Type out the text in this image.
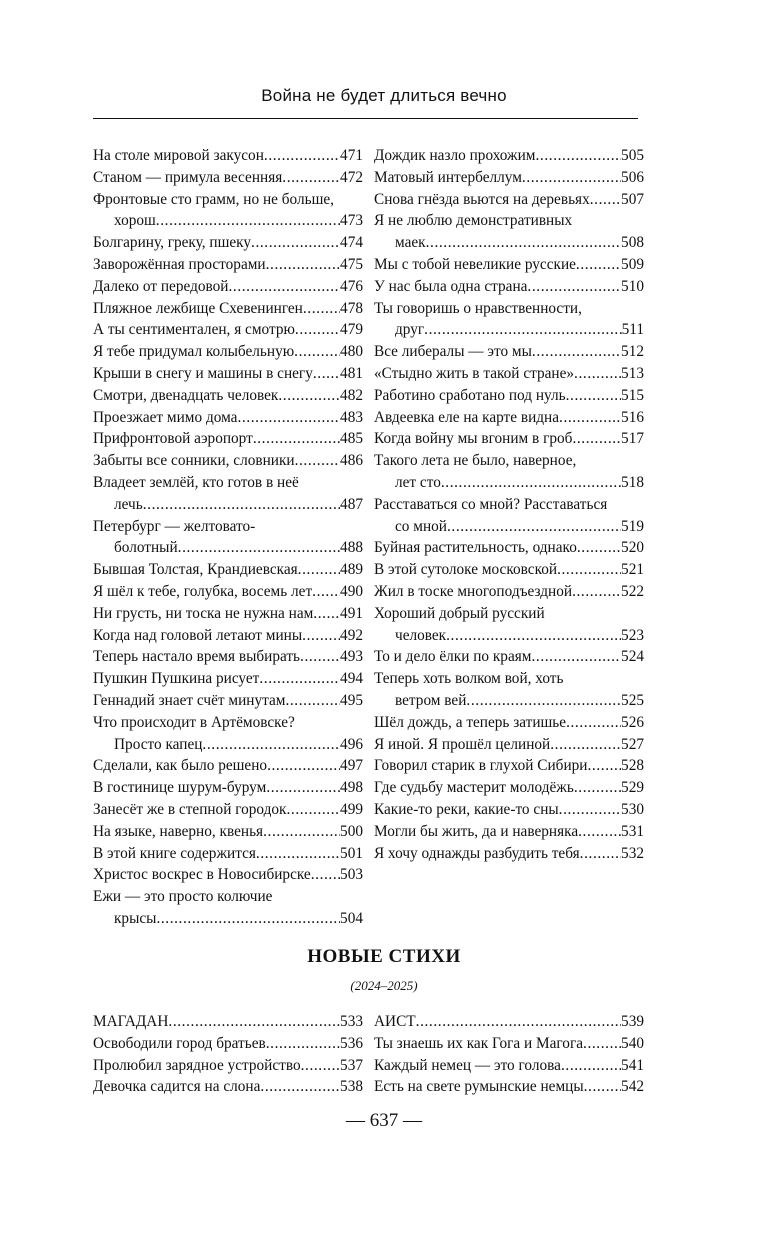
Война не будет длиться вечно
На столе мировой закусон .....	471
Станом — примула весенняя .....	472
Фронтовые сто грамм, но не больше,
хорош .....	473
Болгарину, греку, пшеку .....	474
Заворожённая просторами .....	475
Далеко от передовой .....	476
Пляжное лежбище Схевенинген ..... 478
А ты сентиментален, я смотрю .....	479
Я тебе придумал колыбельную .....	480
Крыши в снегу и машины в снегу ..... 481
Смотри, двенадцать человек .....	482
Проезжает мимо дома .....	483
Прифронтовой аэропорт .....	485
Забыты все сонники, словники .....	486
Владеет землёй, кто готов в неё
лечь .....	487
Петербург — желтовато-
болотный .....	488
Бывшая Толстая, Крандиевская .....	489
Я шёл к тебе, голубка, восемь лет ..... 490
Ни грусть, ни тоска не нужна нам ..... 491
Когда над головой летают мины ..... 492
Теперь настало время выбирать .....	493
Пушкин Пушкина рисует .....	494
Геннадий знает счёт минутам .....	495
Что происходит в Артёмовске?
Просто капец .....	496
Сделали, как было решено .....	497
В гостинице шурум-бурум .....	498
Занесёт же в степной городок .....	499
На языке, наверно, квенья .....	500
В этой книге содержится .....	501
Христос воскрес в Новосибирске ..... 503
Ежи — это просто колючие
крысы .....	504
Дождик назло прохожим .....	505
Матовый интербеллум .....	506
Снова гнёзда вьются на деревьях ..... 507
Я не люблю демонстративных
маек .....	508
Мы с тобой невеликие русские .....	509
У нас была одна страна .....	510
Ты говоришь о нравственности,
друг .....	511
Все либералы — это мы .....	512
«Стыдно жить в такой стране» .....	513
Работино сработано под нуль .....	515
Авдеевка еле на карте видна .....	516
Когда войну мы вгоним в гроб .....	517
Такого лета не было, наверное,
лет сто .....	518
Расставаться со мной? Расставаться
со мной .....	519
Буйная растительность, однако .....	520
В этой сутолоке московской .....	521
Жил в тоске многоподъездной .....	522
Хороший добрый русский
человек .....	523
То и дело ёлки по краям .....	524
Теперь хоть волком вой, хоть
ветром вей .....	525
Шёл дождь, а теперь затишье .....	526
Я иной. Я прошёл целиной .....	527
Говорил старик в глухой Сибири ..... 528
Где судьбу мастерит молодёжь .....	529
Какие-то реки, какие-то сны .....	530
Могли бы жить, да и наверняка .....	531
Я хочу однажды разбудить тебя .....	532
НОВЫЕ СТИХИ
(2024–2025)
МАГАДАН .....	533
Освободили город братьев .....	536
Пролюбил зарядное устройство .....	537
Девочка садится на слона .....	538
АИСТ .....	539
Ты знаешь их как Гога и Магога ..... 540
Каждый немец — это голова .....	541
Есть на свете румынские немцы ..... 542
— 637 —
